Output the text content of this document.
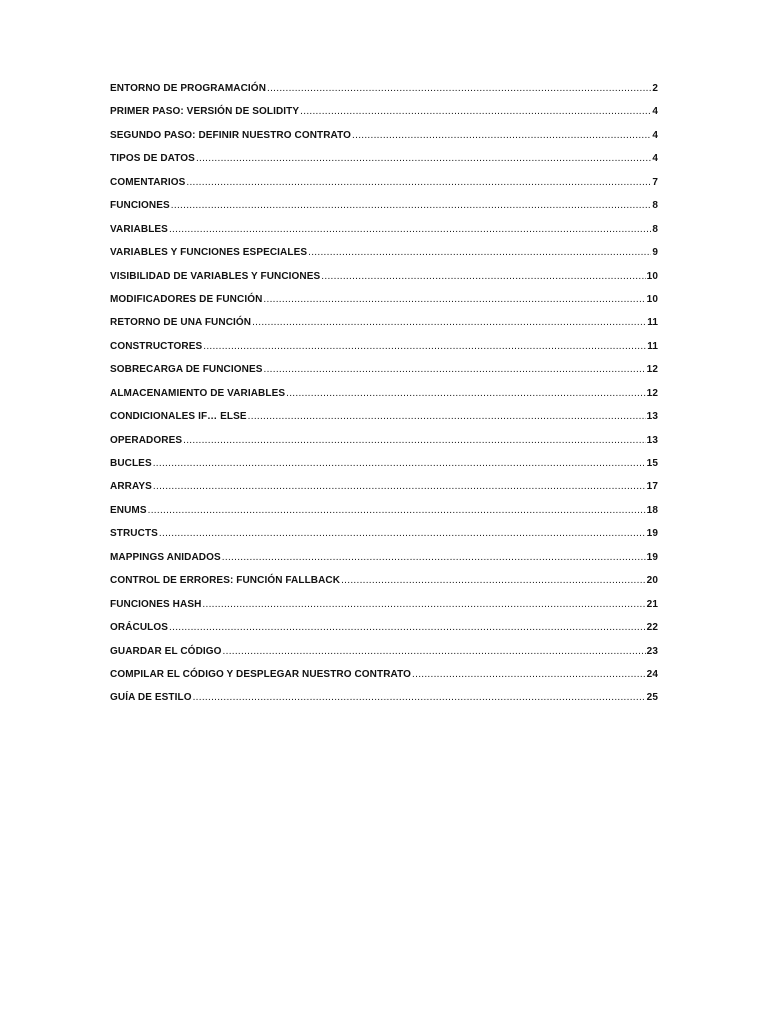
ENTORNO DE PROGRAMACIÓN .....	2
PRIMER PASO: VERSIÓN DE SOLIDITY .....	4
SEGUNDO PASO: DEFINIR NUESTRO CONTRATO .....	4
TIPOS DE DATOS .....	4
COMENTARIOS .....	7
FUNCIONES .....	8
VARIABLES .....	8
VARIABLES Y FUNCIONES ESPECIALES .....	9
VISIBILIDAD DE VARIABLES Y FUNCIONES .....	10
MODIFICADORES DE FUNCIÓN .....	10
RETORNO DE UNA FUNCIÓN .....	11
CONSTRUCTORES .....	11
SOBRECARGA DE FUNCIONES .....	12
ALMACENAMIENTO DE VARIABLES .....	12
CONDICIONALES IF… ELSE .....	13
OPERADORES .....	13
BUCLES .....	15
ARRAYS .....	17
ENUMS .....	18
STRUCTS .....	19
MAPPINGS ANIDADOS .....	19
CONTROL DE ERRORES: FUNCIÓN FALLBACK .....	20
FUNCIONES HASH .....	21
ORÁCULOS .....	22
GUARDAR EL CÓDIGO .....	23
COMPILAR EL CÓDIGO Y DESPLEGAR NUESTRO CONTRATO .....	24
GUÍA DE ESTILO .....	25
